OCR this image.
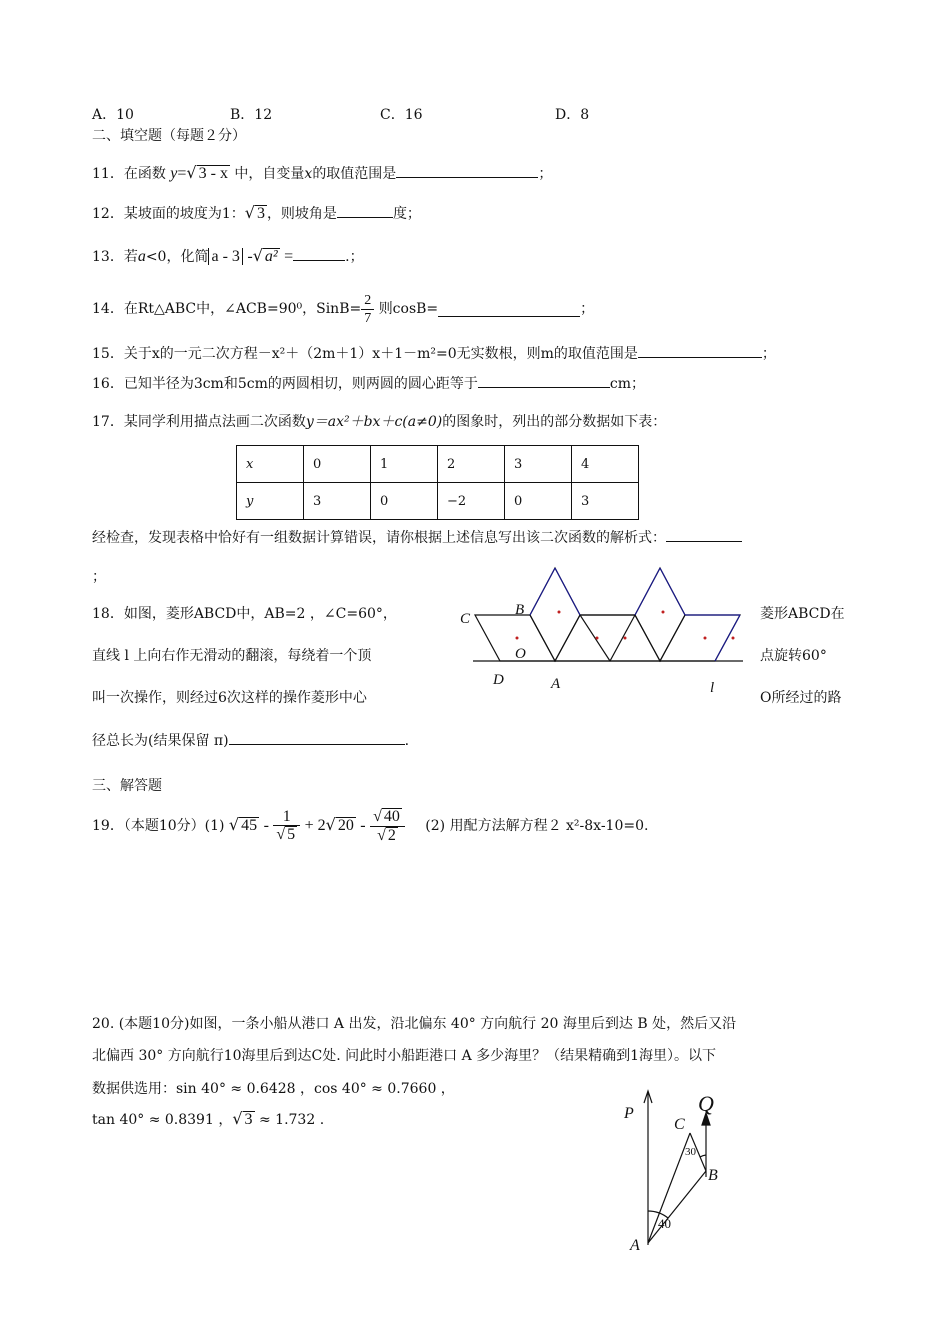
A．10	B．12	C．16	D．8
二、填空题（每题２分）
11．在函数 y=√ 3 - x 中，自变量x的取值范围是	；
12．某坡面的坡度为1：√ 3 ，则坡角是	度；
13．若a<0，化简 a - 3 -√ a² =	.；
14．在Rt△ABC中，∠ACB=90⁰，SinB= $\frac{2}{7}$ 则cosB=	；
15．关于x的一元二次方程－x²＋（2m＋1）x＋1－m²=0无实数根，则m的取值范围是	；
16．已知半径为3cm和5cm的两圆相切，则两圆的圆心距等于	cm；
17．某同学利用描点法画二次函数y＝ax²＋bx＋c(a≠0)的图象时，列出的部分数据如下表：
x	0	1	2	3	4
y	3	0	−2	0	3
经检查，发现表格中恰好有一组数据计算错误，请你根据上述信息写出该二次函数的解析式：
；
18．如图，菱形ABCD中，AB=2 ，∠C=60°，	菱形ABCD在
直线 l 上向右作无滑动的翻滚，每绕着一个顶	点旋转60°
叫一次操作，则经过6次这样的操作菱形中心	O所经过的路
径总长为(结果保留 π)	.
C
B
O
D	A	l
三、解答题
19．（本题10分）(1) √ $45 - \frac{1}{√ 5} + 2√$ $20 - \frac{√ 40}{√ 2} (2)$ 用配方法解方程２ x²-8x-10=0.
20. (本题10分)如图，一条小船从港口 A 出发，沿北偏东 40° 方向航行 20 海里后到达 B 处，然后又沿
北偏西 30° 方向航行10海里后到达C处. 问此时小船距港口 A 多少海里？（结果精确到1海里）。以下
数据供选用：sin 40° ≈ 0.6428 ，cos 40° ≈ 0.7660 ，
tan 40° ≈ 0.8391 ，√ 3 ≈ 1.732 .	P	Q
C
B
A
30
40
